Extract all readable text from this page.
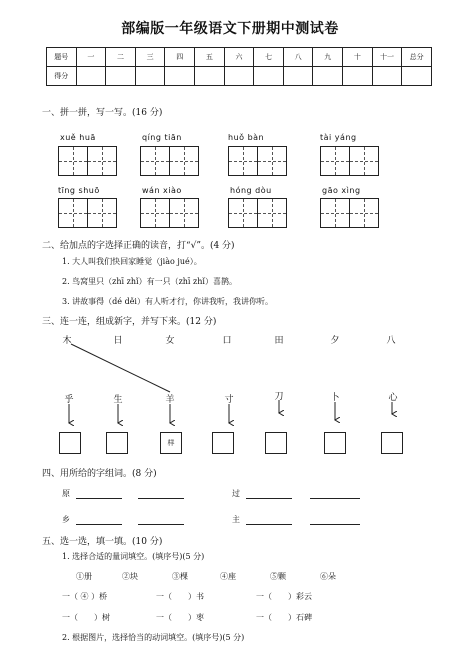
部编版一年级语文下册期中测试卷
题号	一	二	三	四	五	六	七	八	九	十	十一	总分
得分												
一、拼一拼，写一写。(16 分)
xuě huā	qíng tiān	huǒ bàn	tài yáng
tīng shuō	wán xiào	hóng dòu	gāo xìng
二、给加点的字选择正确的读音，打“√”。(4 分)
1. 大人叫我们快回家睡觉（jiào jué）。
2. 鸟窝里只（zhī zhǐ）有一只（zhī zhǐ）喜鹊。
3. 讲故事得（dé děi）有人听才行，你讲我听，我讲你听。
三、连一连，组成新字，并写下来。(12 分)
木	日	女	口	田	夕	八
乎	生	羊	寸	刀	卜	心
样
四、用所给的字组词。(8 分)
原	过
乡	主
五、选一选，填一填。(10 分)
1. 选择合适的量词填空。(填序号)(5 分)
①册	②块	③棵	④座	⑤颗	⑥朵
一（ ④ ）桥	一（　　）书	一（　　）彩云
一（　　）树	一（　　）枣	一（　　）石碑
2. 根据图片，选择恰当的动词填空。(填序号)(5 分)
